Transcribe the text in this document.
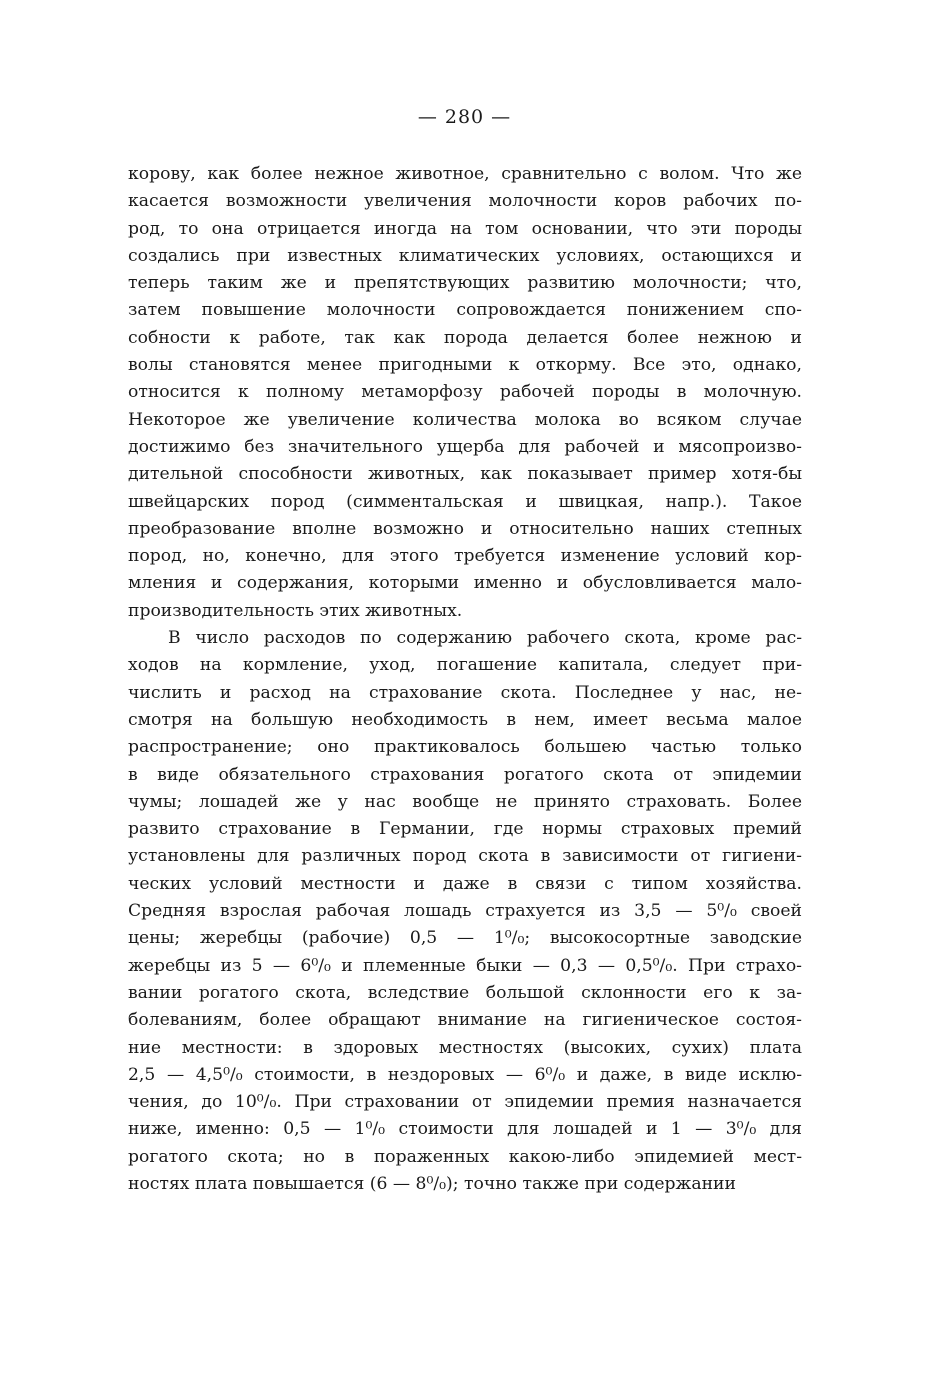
— 280 —
корову, как более нежное животное, сравнительно с волом. Что же
касается возможности увеличения молочности коров рабочих по-
род, то она отрицается иногда на том основании, что эти породы
создались при известных климатических условиях, остающихся и
теперь таким же и препятствующих развитию молочности; что,
затем повышение молочности сопровождается понижением спо-
собности к работе, так как порода делается более нежною и
волы становятся менее пригодными к откорму. Все это, однако,
относится к полному метаморфозу рабочей породы в молочную.
Некоторое же увеличение количества молока во всяком случае
достижимо без значительного ущерба для рабочей и мясопроизво-
дительной способности животных, как показывает пример хотя-бы
швейцарских пород (симментальская и швицкая, напр.). Такое
преобразование вполне возможно и относительно наших степных
пород, но, конечно, для этого требуется изменение условий кор-
мления и содержания, которыми именно и обусловливается мало-
производительность этих животных.
В число расходов по содержанию рабочего скота, кроме рас-
ходов на кормление, уход, погашение капитала, следует при-
числить и расход на страхование скота. Последнее у нас, не-
смотря на большую необходимость в нем, имеет весьма малое
распространение; оно практиковалось большею частью только
в виде обязательного страхования рогатого скота от эпидемии
чумы; лошадей же у нас вообще не принято страховать. Более
развито страхование в Германии, где нормы страховых премий
установлены для различных пород скота в зависимости от гигиени-
ческих условий местности и даже в связи с типом хозяйства.
Средняя взрослая рабочая лошадь страхуется из 3,5 — 5⁰/₀ своей
цены; жеребцы (рабочие) 0,5 — 1⁰/₀; высокосортные заводские
жеребцы из 5 — 6⁰/₀ и племенные быки — 0,3 — 0,5⁰/₀. При страхо-
вании рогатого скота, вследствие большой склонности его к за-
болеваниям, более обращают внимание на гигиеническое состоя-
ние местности: в здоровых местностях (высоких, сухих) плата
2,5 — 4,5⁰/₀ стоимости, в нездоровых — 6⁰/₀ и даже, в виде исклю-
чения, до 10⁰/₀. При страховании от эпидемии премия назначается
ниже, именно: 0,5 — 1⁰/₀ стоимости для лошадей и 1 — 3⁰/₀ для
рогатого скота; но в пораженных какою-либо эпидемией мест-
ностях плата повышается (6 — 8⁰/₀); точно также при содержании
